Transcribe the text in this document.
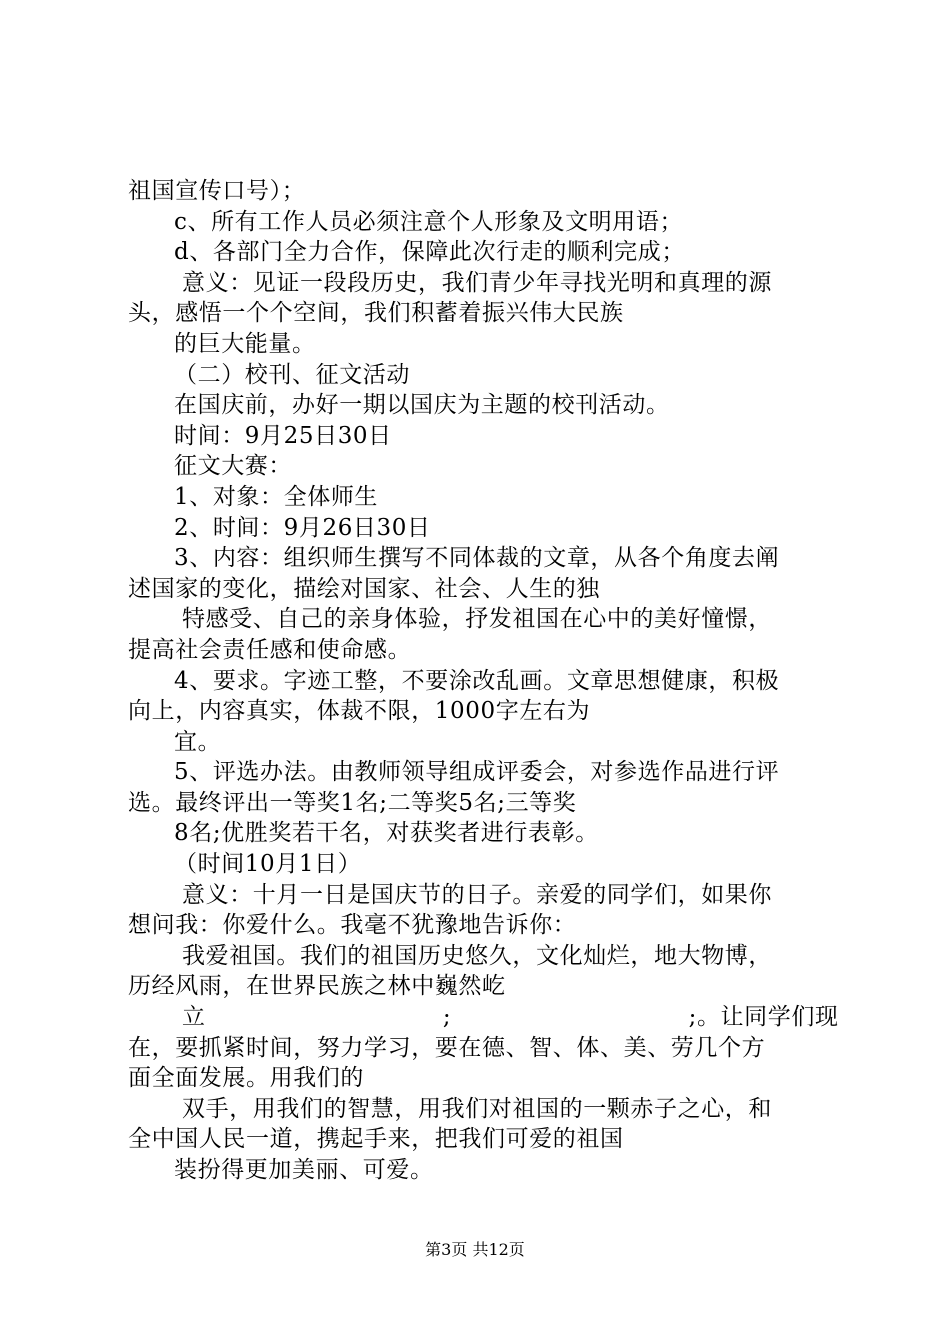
祖国宣传口号）；

c、所有工作人员必须注意个人形象及文明用语；

d、各部门全力合作，保障此次行走的顺利完成；

意义：见证一段段历史，我们青少年寻找光明和真理的源

头，感悟一个个空间，我们积蓄着振兴伟大民族

的巨大能量。

（二）校刊、征文活动

在国庆前，办好一期以国庆为主题的校刊活动。

时间：9月25日30日

征文大赛：

1、对象：全体师生

2、时间：9月26日30日

3、内容：组织师生撰写不同体裁的文章，从各个角度去阐

述国家的变化，描绘对国家、社会、人生的独

特感受、自己的亲身体验，抒发祖国在心中的美好憧憬，

提高社会责任感和使命感。

4、要求。字迹工整，不要涂改乱画。文章思想健康，积极

向上，内容真实，体裁不限，1000字左右为

宜。

5、评选办法。由教师领导组成评委会，对参选作品进行评

选。最终评出一等奖1名;二等奖5名;三等奖

8名;优胜奖若干名，对获奖者进行表彰。

（时间10月1日）

意义：十月一日是国庆节的日子。亲爱的同学们，如果你

想问我：你爱什么。我毫不犹豫地告诉你：

我爱祖国。我们的祖国历史悠久，文化灿烂，地大物博，

历经风雨，在世界民族之林中巍然屹

立                              ;                              ;。让同学们现

在，要抓紧时间，努力学习，要在德、智、体、美、劳几个方

面全面发展。用我们的

双手，用我们的智慧，用我们对祖国的一颗赤子之心，和

全中国人民一道，携起手来，把我们可爱的祖国

装扮得更加美丽、可爱。

第3页 共12页
